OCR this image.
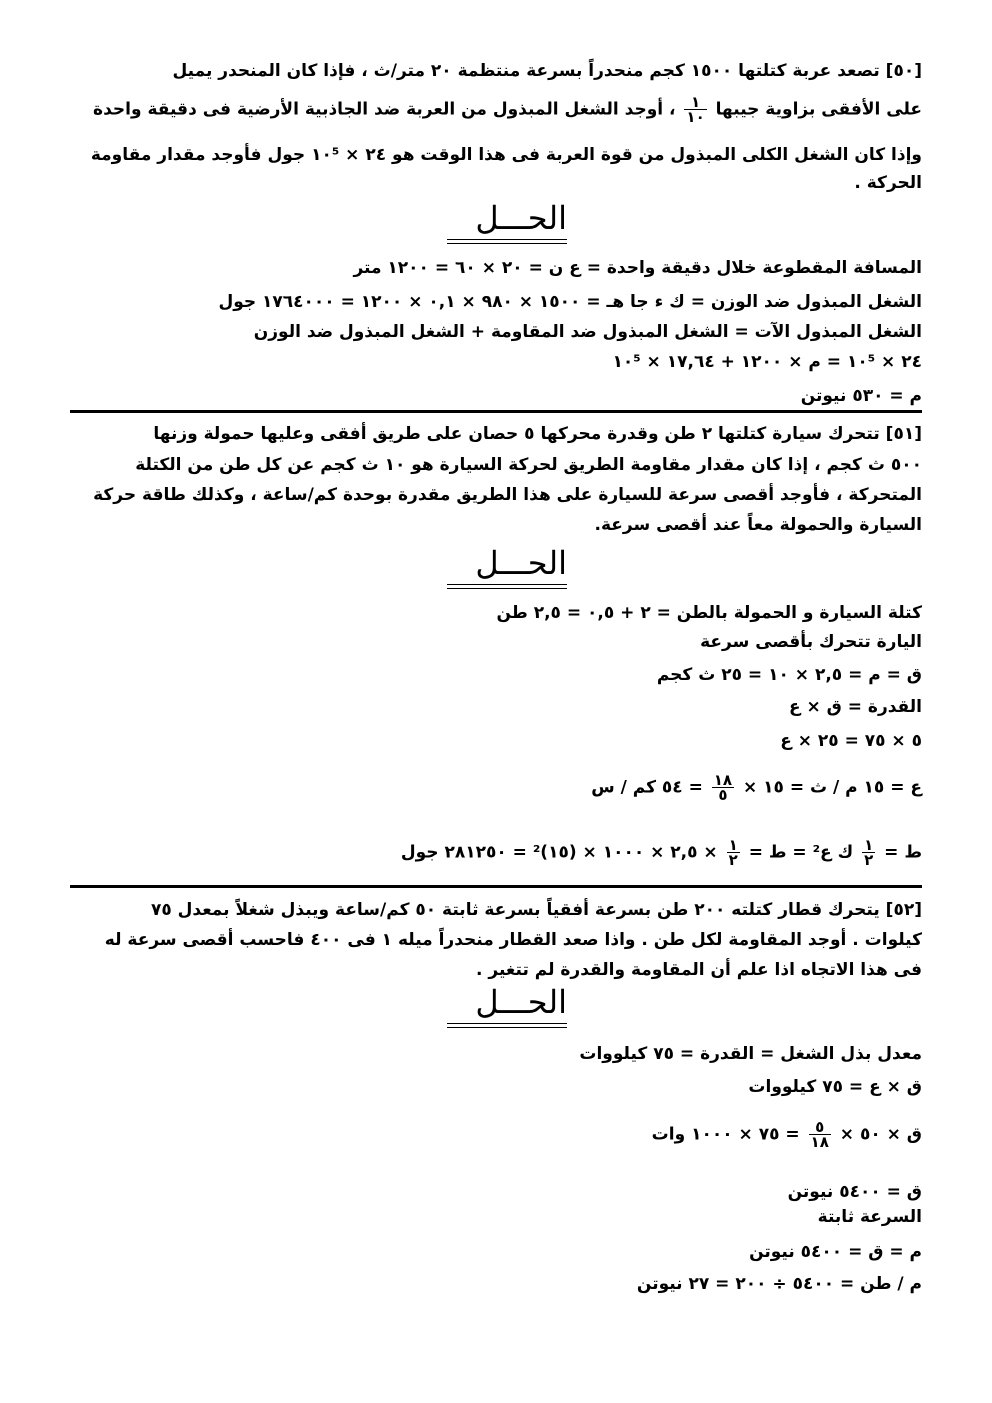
[٥٠] تصعد عربة كتلتها ١٥٠٠ كجم منحدراً بسرعة منتظمة ٢٠ متر/ث ، فإذا كان المنحدر يميل
على الأفقى بزاوية جيبها
$\frac{١}{١٠}$
، أوجد الشغل المبذول من العربة ضد الجاذبية الأرضية فى دقيقة واحدة
وإذا كان الشغل الكلى المبذول من قوة العربة فى هذا الوقت هو ٢٤ × ١٠⁵ جول فأوجد مقدار مقاومة
الحركة .
الحـــل
المسافة المقطوعة خلال دقيقة واحدة = ع ن = ٢٠ × ٦٠ = ١٢٠٠ متر
الشغل المبذول ضد الوزن = ك ء جا هـ = ١٥٠٠ × ٩٨٠ × ٠,١ × ١٢٠٠ = ١٧٦٤٠٠٠ جول
الشغل المبذول الآت = الشغل المبذول ضد المقاومة + الشغل المبذول ضد الوزن
٢٤ × ١٠⁵ = م × ١٢٠٠ + ١٧,٦٤ × ١٠⁵
م = ٥٣٠ نيوتن
[٥١] تتحرك سيارة كتلتها ٢ طن وقدرة محركها ٥ حصان على طريق أفقى وعليها حمولة وزنها
٥٠٠ ث كجم ، إذا كان مقدار مقاومة الطريق لحركة السيارة هو ١٠ ث كجم عن كل طن من الكتلة
المتحركة ، فأوجد أقصى سرعة للسيارة على هذا الطريق مقدرة بوحدة كم/ساعة ، وكذلك طاقة حركة
السيارة والحمولة معاً عند أقصى سرعة.
الحـــل
كتلة السيارة و الحمولة بالطن = ٢ + ٠,٥ = ٢,٥ طن
اليارة تتحرك بأقصى سرعة
ق = م = ٢,٥ × ١٠ = ٢٥ ث كجم
القدرة = ق × ع
٥ × ٧٥ = ٢٥ × ع
ع = ١٥ م / ث = ١٥ ×
$\frac{١٨}{٥}$
= ٥٤ كم / س
ط =
$\frac{١}{٢}$
ك ع² = ط =
$\frac{١}{٢}$
× ٢,٥ × ١٠٠٠ × (١٥)² = ٢٨١٢٥٠ جول
[٥٢] يتحرك قطار كتلته ٢٠٠ طن بسرعة أفقياً بسرعة ثابتة ٥٠ كم/ساعة ويبذل شغلاً بمعدل ٧٥
كيلوات . أوجد المقاومة لكل طن . واذا صعد القطار منحدراً ميله ١ فى ٤٠٠ فاحسب أقصى سرعة له
فى هذا الاتجاه اذا علم أن المقاومة والقدرة لم تتغير .
الحـــل
معدل بذل الشغل = القدرة = ٧٥ كيلووات
ق × ع = ٧٥ كيلووات
ق × ٥٠ ×
$\frac{٥}{١٨}$
= ٧٥ × ١٠٠٠ وات
ق = ٥٤٠٠ نيوتن
السرعة ثابتة
م = ق = ٥٤٠٠ نيوتن
م / طن = ٥٤٠٠ ÷ ٢٠٠ = ٢٧ نيوتن
